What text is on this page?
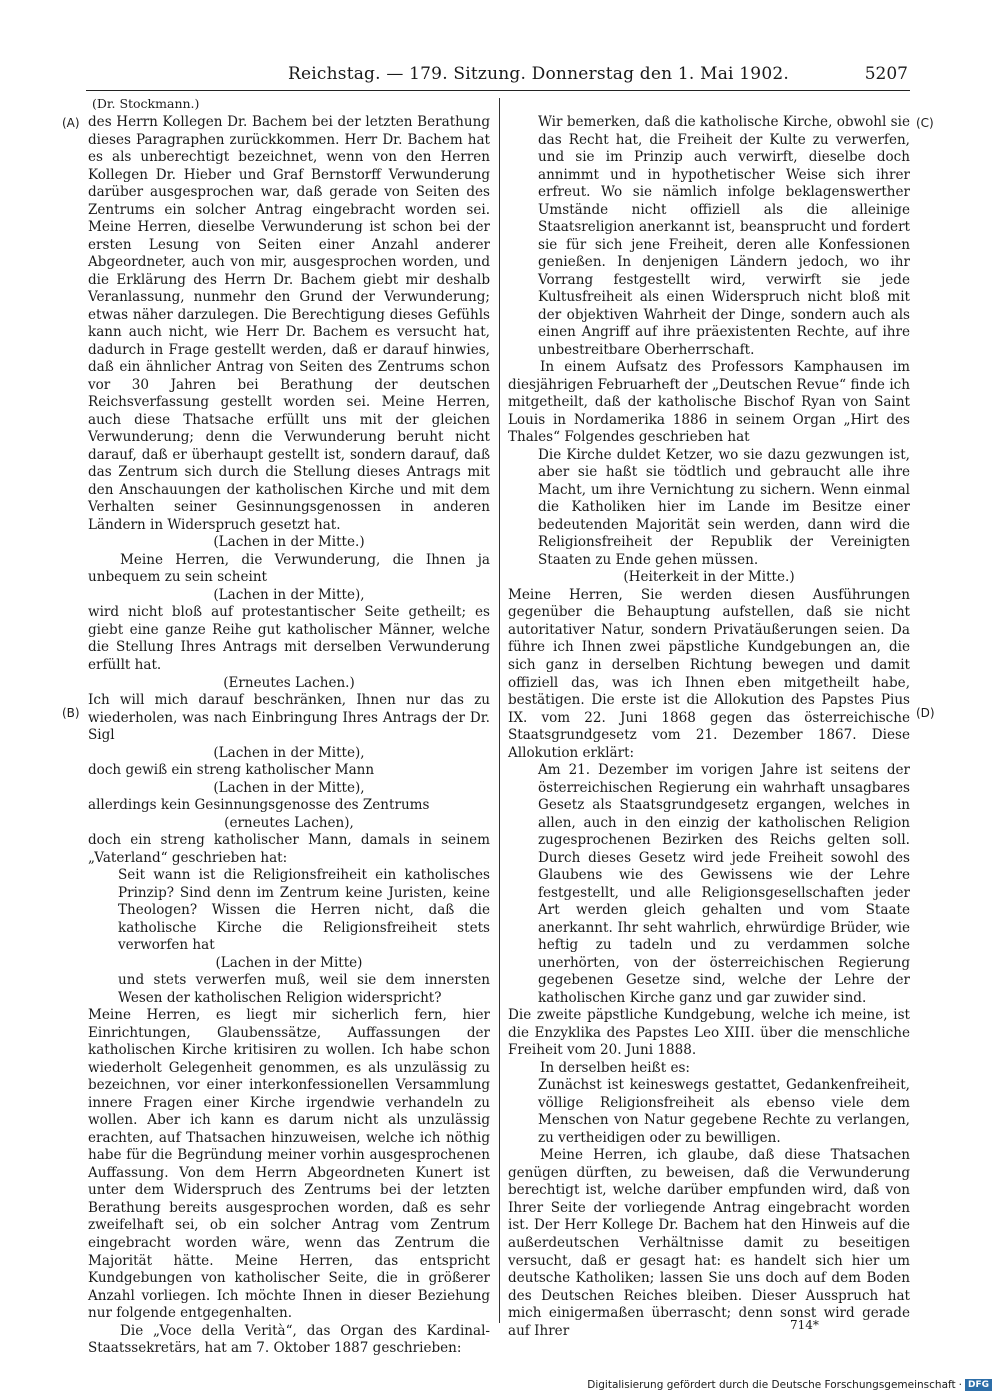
Reichstag. — 179. Sitzung. Donnerstag den 1. Mai 1902.	5207
(Dr. Stockmann.)
(A)
(B)
(C)
(D)

des Herrn Kollegen Dr. Bachem bei der letzten Berathung dieses Paragraphen zurückkommen. Herr Dr. Bachem hat es als unberechtigt bezeichnet, wenn von den Herren Kollegen Dr. Hieber und Graf Bernstorff Verwunderung darüber ausgesprochen war, daß gerade von Seiten des Zentrums ein solcher Antrag eingebracht worden sei. Meine Herren, dieselbe Verwunderung ist schon bei der ersten Lesung von Seiten einer Anzahl anderer Abgeordneter, auch von mir, ausgesprochen worden, und die Erklärung des Herrn Dr. Bachem giebt mir deshalb Veranlassung, nunmehr den Grund der Verwunderung; etwas näher darzulegen. Die Berechtigung dieses Gefühls kann auch nicht, wie Herr Dr. Bachem es versucht hat, dadurch in Frage gestellt werden, daß er darauf hinwies, daß ein ähnlicher Antrag von Seiten des Zentrums schon vor 30 Jahren bei Berathung der deutschen Reichsverfassung gestellt worden sei. Meine Herren, auch diese Thatsache erfüllt uns mit der gleichen Verwunderung; denn die Verwunderung beruht nicht darauf, daß er überhaupt gestellt ist, sondern darauf, daß das Zentrum sich durch die Stellung dieses Antrags mit den Anschauungen der katholischen Kirche und mit dem Verhalten seiner Gesinnungsgenossen in anderen Ländern in Widerspruch gesetzt hat.

(Lachen in der Mitte.)

Meine Herren, die Verwunderung, die Ihnen ja unbequem zu sein scheint

(Lachen in der Mitte),

wird nicht bloß auf protestantischer Seite getheilt; es giebt eine ganze Reihe gut katholischer Männer, welche die Stellung Ihres Antrags mit derselben Verwunderung erfüllt hat.

(Erneutes Lachen.)

Ich will mich darauf beschränken, Ihnen nur das zu wiederholen, was nach Einbringung Ihres Antrags der Dr. Sigl

(Lachen in der Mitte),

doch gewiß ein streng katholischer Mann

(Lachen in der Mitte),

allerdings kein Gesinnungsgenosse des Zentrums

(erneutes Lachen),

doch ein streng katholischer Mann, damals in seinem „Vaterland“ geschrieben hat:

Seit wann ist die Religionsfreiheit ein katholisches Prinzip? Sind denn im Zentrum keine Juristen, keine Theologen? Wissen die Herren nicht, daß die katholische Kirche die Religionsfreiheit stets verworfen hat

(Lachen in der Mitte)

und stets verwerfen muß, weil sie dem innersten Wesen der katholischen Religion widerspricht?

Meine Herren, es liegt mir sicherlich fern, hier Einrichtungen, Glaubenssätze, Auffassungen der katholischen Kirche kritisiren zu wollen. Ich habe schon wiederholt Gelegenheit genommen, es als unzulässig zu bezeichnen, vor einer interkonfessionellen Versammlung innere Fragen einer Kirche irgendwie verhandeln zu wollen. Aber ich kann es darum nicht als unzulässig erachten, auf Thatsachen hinzuweisen, welche ich nöthig habe für die Begründung meiner vorhin ausgesprochenen Auffassung. Von dem Herrn Abgeordneten Kunert ist unter dem Widerspruch des Zentrums bei der letzten Berathung bereits ausgesprochen worden, daß es sehr zweifelhaft sei, ob ein solcher Antrag vom Zentrum eingebracht worden wäre, wenn das Zentrum die Majorität hätte. Meine Herren, das entspricht Kundgebungen von katholischer Seite, die in größerer Anzahl vorliegen. Ich möchte Ihnen in dieser Beziehung nur folgende entgegenhalten.

Die „Voce della Verità“, das Organ des Kardinal-Staatssekretärs, hat am 7. Oktober 1887 geschrieben:

Wir bemerken, daß die katholische Kirche, obwohl sie das Recht hat, die Freiheit der Kulte zu verwerfen, und sie im Prinzip auch verwirft, dieselbe doch annimmt und in hypothetischer Weise sich ihrer erfreut. Wo sie nämlich infolge beklagenswerther Umstände nicht offiziell als die alleinige Staatsreligion anerkannt ist, beansprucht und fordert sie für sich jene Freiheit, deren alle Konfessionen genießen. In denjenigen Ländern jedoch, wo ihr Vorrang festgestellt wird, verwirft sie jede Kultusfreiheit als einen Widerspruch nicht bloß mit der objektiven Wahrheit der Dinge, sondern auch als einen Angriff auf ihre präexistenten Rechte, auf ihre unbestreitbare Oberherrschaft.

In einem Aufsatz des Professors Kamphausen im diesjährigen Februarheft der „Deutschen Revue“ finde ich mitgetheilt, daß der katholische Bischof Ryan von Saint Louis in Nordamerika 1886 in seinem Organ „Hirt des Thales“ Folgendes geschrieben hat

Die Kirche duldet Ketzer, wo sie dazu gezwungen ist, aber sie haßt sie tödtlich und gebraucht alle ihre Macht, um ihre Vernichtung zu sichern. Wenn einmal die Katholiken hier im Lande im Besitze einer bedeutenden Majorität sein werden, dann wird die Religionsfreiheit der Republik der Vereinigten Staaten zu Ende gehen müssen.

(Heiterkeit in der Mitte.)

Meine Herren, Sie werden diesen Ausführungen gegenüber die Behauptung aufstellen, daß sie nicht autoritativer Natur, sondern Privatäußerungen seien. Da führe ich Ihnen zwei päpstliche Kundgebungen an, die sich ganz in derselben Richtung bewegen und damit offiziell das, was ich Ihnen eben mitgetheilt habe, bestätigen. Die erste ist die Allokution des Papstes Pius IX. vom 22. Juni 1868 gegen das österreichische Staatsgrundgesetz vom 21. Dezember 1867. Diese Allokution erklärt:

Am 21. Dezember im vorigen Jahre ist seitens der österreichischen Regierung ein wahrhaft unsagbares Gesetz als Staatsgrundgesetz ergangen, welches in allen, auch in den einzig der katholischen Religion zugesprochenen Bezirken des Reichs gelten soll. Durch dieses Gesetz wird jede Freiheit sowohl des Glaubens wie des Gewissens wie der Lehre festgestellt, und alle Religionsgesellschaften jeder Art werden gleich gehalten und vom Staate anerkannt. Ihr seht wahrlich, ehrwürdige Brüder, wie heftig zu tadeln und zu verdammen solche unerhörten, von der österreichischen Regierung gegebenen Gesetze sind, welche der Lehre der katholischen Kirche ganz und gar zuwider sind.

Die zweite päpstliche Kundgebung, welche ich meine, ist die Enzyklika des Papstes Leo XIII. über die menschliche Freiheit vom 20. Juni 1888.

In derselben heißt es:

Zunächst ist keineswegs gestattet, Gedankenfreiheit, völlige Religionsfreiheit als ebenso viele dem Menschen von Natur gegebene Rechte zu verlangen, zu vertheidigen oder zu bewilligen.

Meine Herren, ich glaube, daß diese Thatsachen genügen dürften, zu beweisen, daß die Verwunderung berechtigt ist, welche darüber empfunden wird, daß von Ihrer Seite der vorliegende Antrag eingebracht worden ist. Der Herr Kollege Dr. Bachem hat den Hinweis auf die außerdeutschen Verhältnisse damit zu beseitigen versucht, daß er gesagt hat: es handelt sich hier um deutsche Katholiken; lassen Sie uns doch auf dem Boden des Deutschen Reiches bleiben. Dieser Ausspruch hat mich einigermaßen überrascht; denn sonst wird gerade auf Ihrer	714*
Digitalisierung gefördert durch die Deutsche Forschungsgemeinschaft · DFG
